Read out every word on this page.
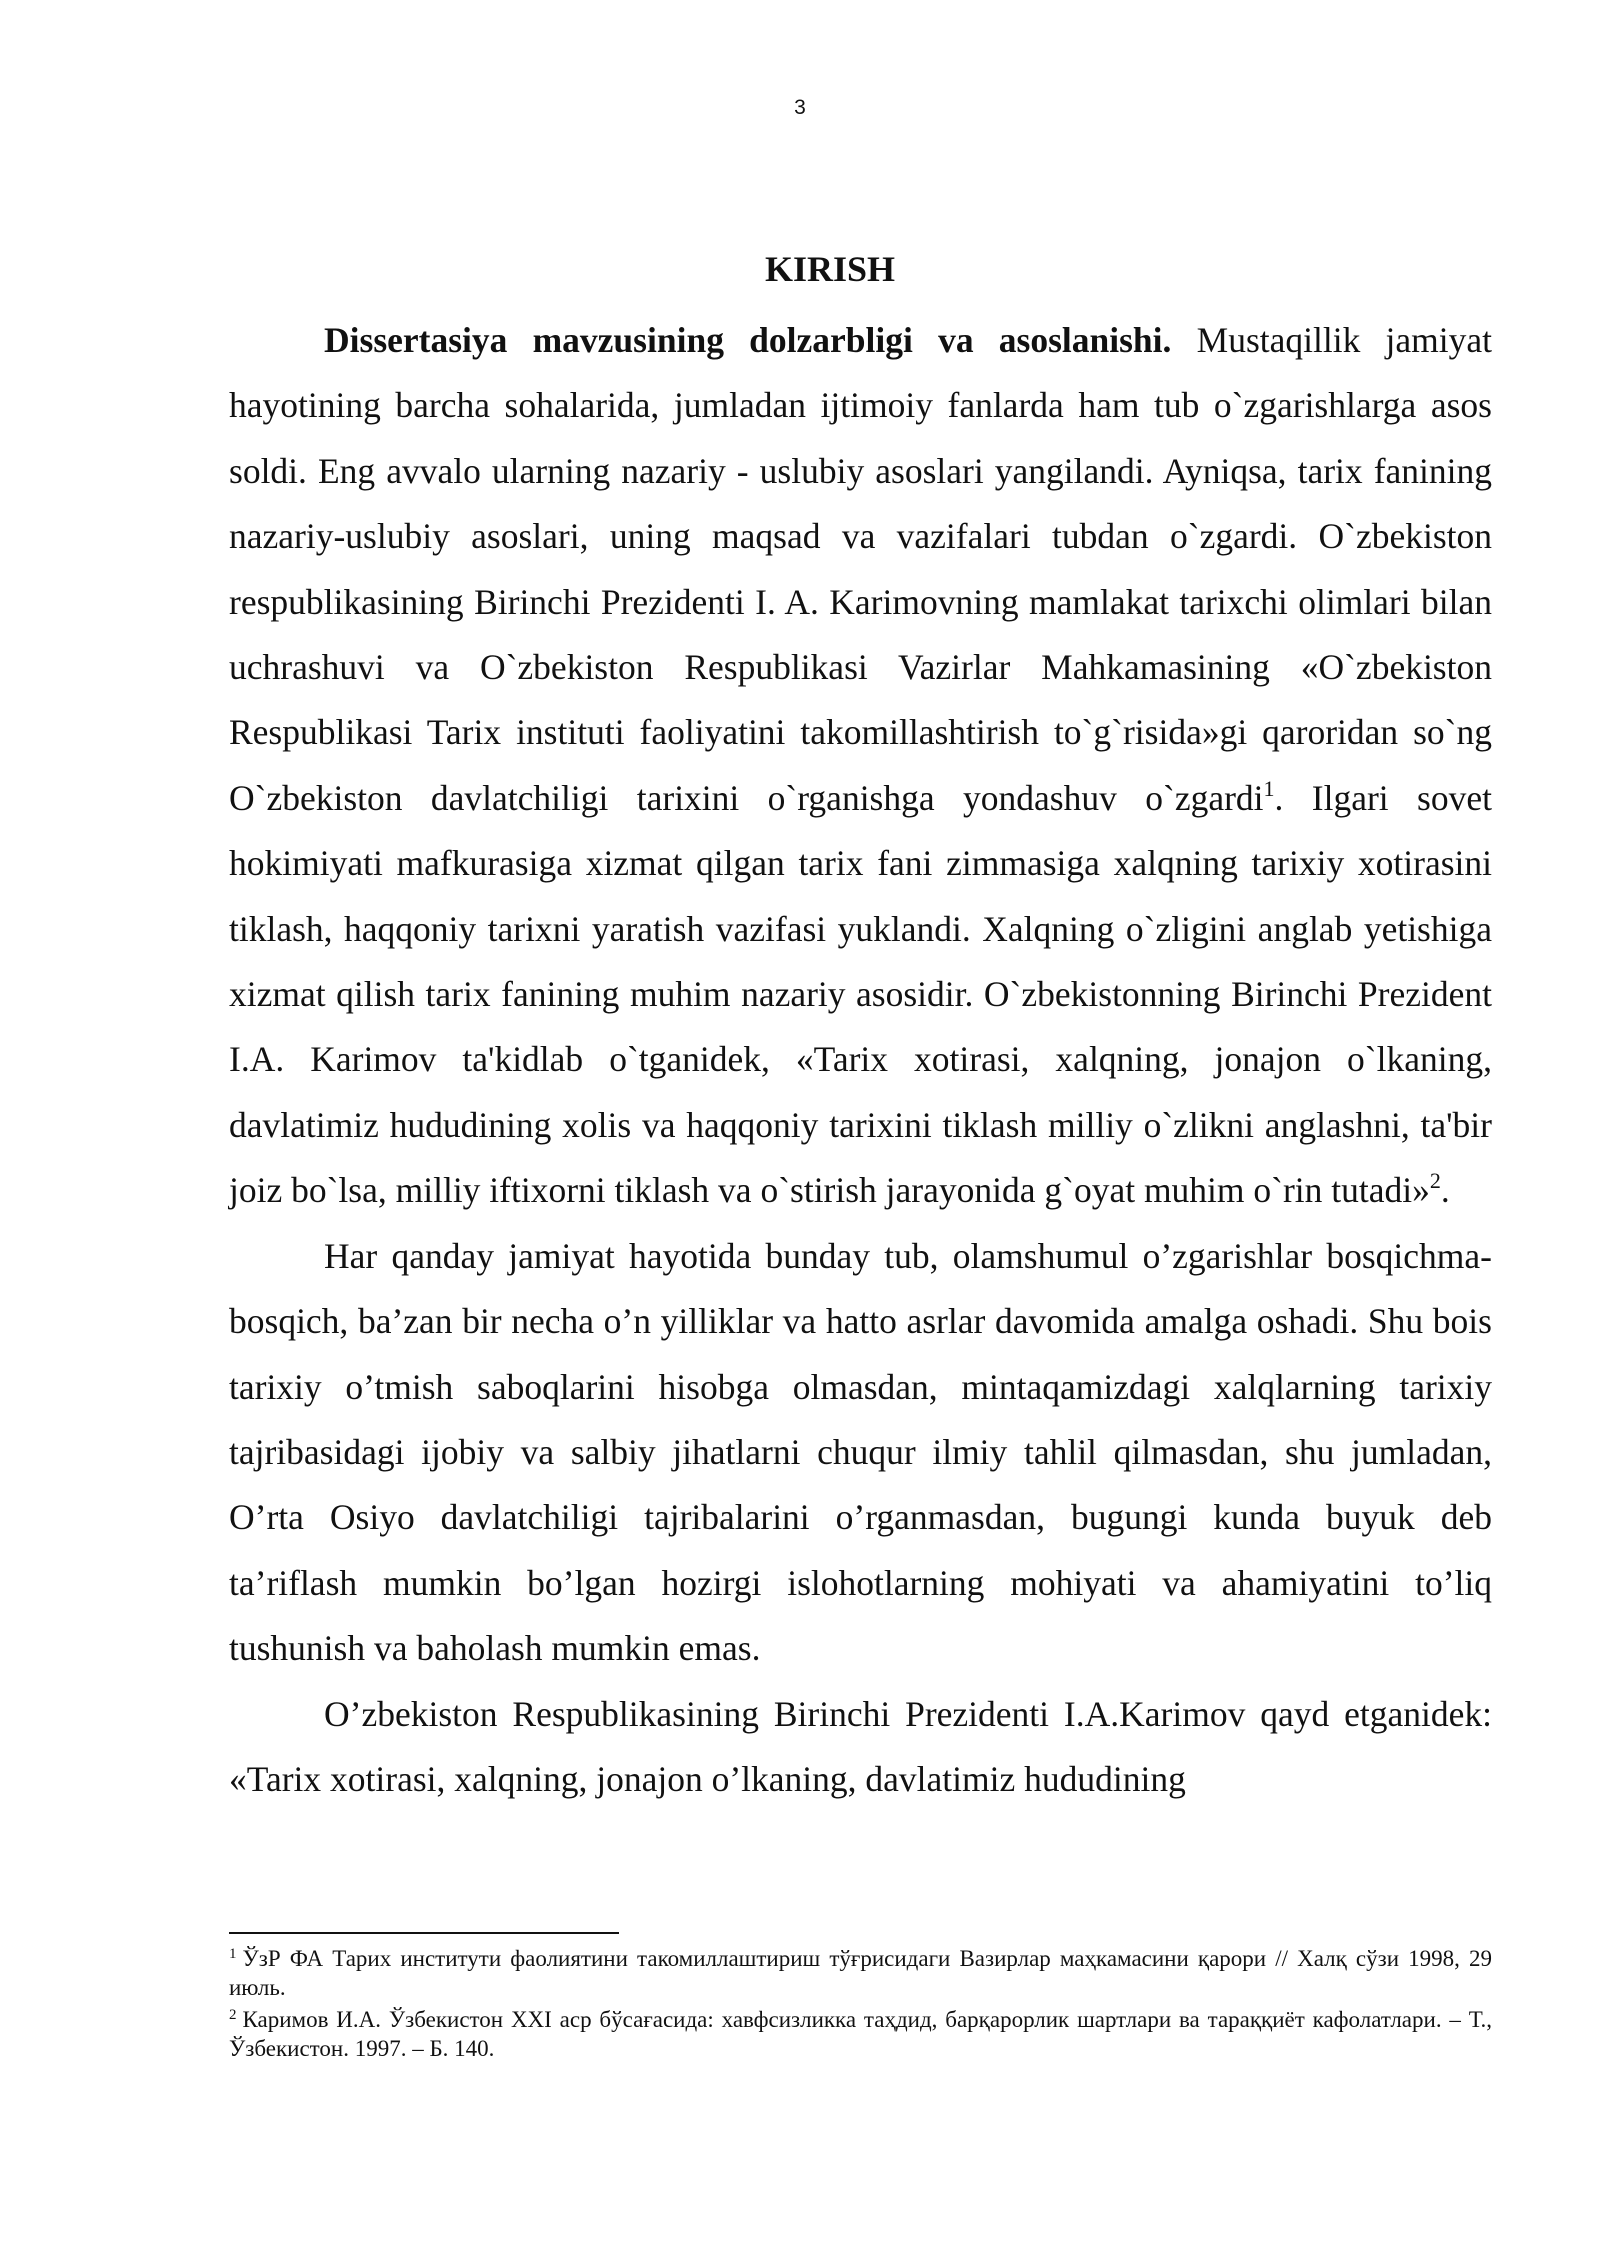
3
KIRISH

Dissertasiya mavzusining dolzarbligi va asoslanishi. Mustaqillik jamiyat hayotining barcha sohalarida, jumladan ijtimoiy fanlarda ham tub o`zgarishlarga asos soldi. Eng avvalo ularning nazariy - uslubiy asoslari yangilandi. Ayniqsa, tarix fanining nazariy-uslubiy asoslari, uning maqsad va vazifalari tubdan o`zgardi. O`zbekiston respublikasining Birinchi Prezidenti I. A. Karimovning mamlakat tarixchi olimlari bilan uchrashuvi va O`zbekiston Respublikasi Vazirlar Mahkamasining «O`zbekiston Respublikasi Tarix instituti faoliyatini takomillashtirish to`g`risida»gi qaroridan so`ng O`zbekiston davlatchiligi tarixini o`rganishga yondashuv o`zgardi$^1$. Ilgari sovet hokimiyati mafkurasiga xizmat qilgan tarix fani zimmasiga xalqning tarixiy xotirasini tiklash, haqqoniy tarixni yaratish vazifasi yuklandi. Xalqning o`zligini anglab yetishiga xizmat qilish tarix fanining muhim nazariy asosidir. O`zbekistonning Birinchi Prezident I.A. Karimov ta'kidlab o`tganidek, «Tarix xotirasi, xalqning, jonajon o`lkaning, davlatimiz hududining xolis va haqqoniy tarixini tiklash milliy o`zlikni anglashni, ta'bir joiz bo`lsa, milliy iftixorni tiklash va o`stirish jarayonida g`oyat muhim o`rin tutadi»$^2$.

Har qanday jamiyat hayotida bunday tub, olamshumul o’zgarishlar bosqichma-bosqich, ba’zan bir necha o’n yilliklar va hatto asrlar davomida amalga oshadi. Shu bois tarixiy o’tmish saboqlarini hisobga olmasdan, mintaqamizdagi xalqlarning tarixiy tajribasidagi ijobiy va salbiy jihatlarni chuqur ilmiy tahlil qilmasdan, shu jumladan, O’rta Osiyo davlatchiligi tajribalarini o’rganmasdan, bugungi kunda buyuk deb ta’riflash mumkin bo’lgan hozirgi islohotlarning mohiyati va ahamiyatini to’liq tushunish va baholash mumkin emas.

O’zbekiston Respublikasining Birinchi Prezidenti I.A.Karimov qayd etganidek: «Tarix xotirasi, xalqning, jonajon o’lkaning, davlatimiz hududining

$^1$ ЎзР ФА Тарих институти фаолиятини такомиллаштириш тўғрисидаги Вазирлар маҳкамасини қарори // Халқ сўзи 1998, 29 июль.

$^2$ Каримов И.А. Ўзбекистон XXI аср бўсағасида: хавфсизликка таҳдид, барқарорлик шартлари ва тараққиёт кафолатлари. – Т., Ўзбекистон. 1997. – Б. 140.
